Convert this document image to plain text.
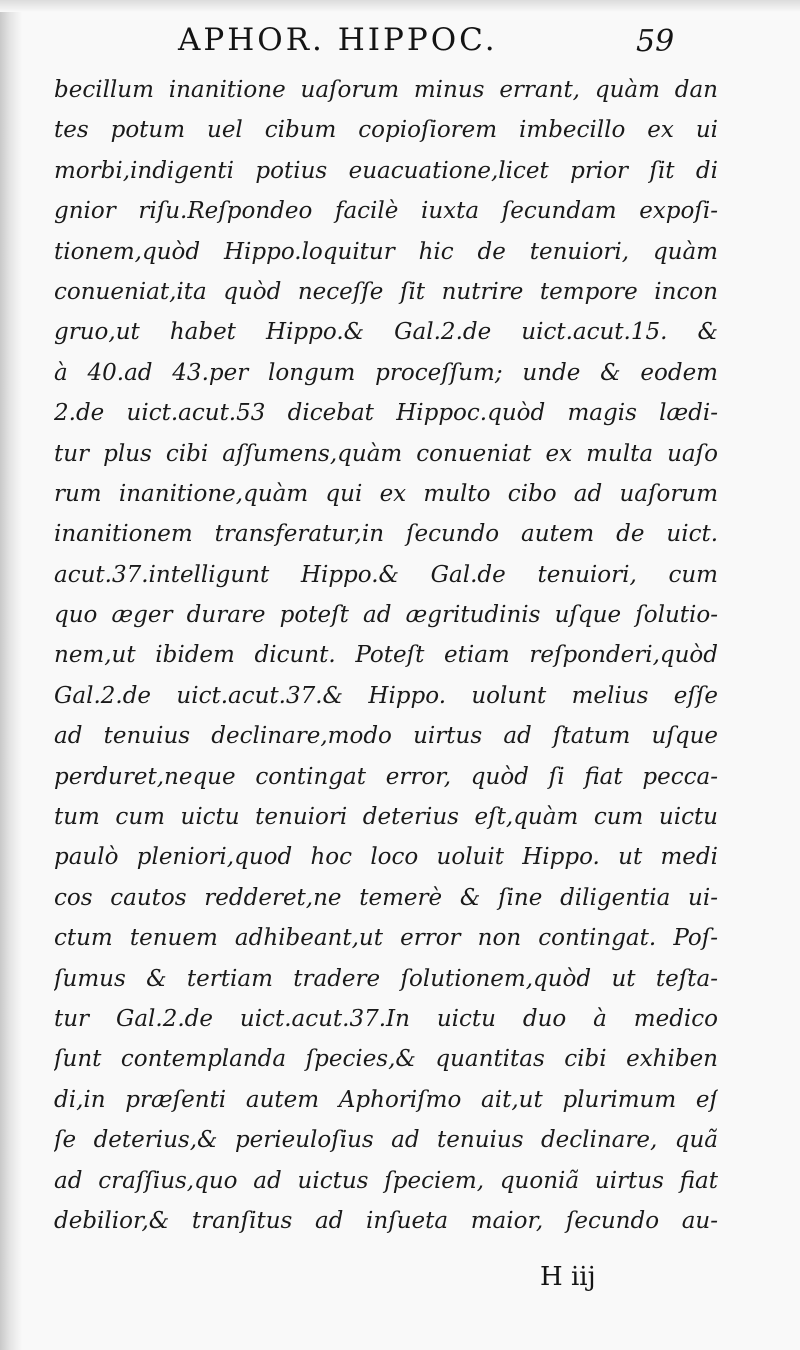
APHOR. HIPPOC.	59
becillum inanitione uaſorum minus errant, quàm dan
tes potum uel cibum copioſiorem imbecillo ex ui
morbi,indigenti potius euacuatione,licet prior ſit di
gnior riſu.Reſpondeo facilè iuxta ſecundam expoſi-
tionem,quòd Hippo.loquitur hic de tenuiori, quàm
conueniat,ita quòd neceſſe ſit nutrire tempore incon
gruo,ut habet Hippo.& Gal.2.de uict.acut.15. &
à 40.ad 43.per longum proceſſum; unde & eodem
2.de uict.acut.53 dicebat Hippoc.quòd magis lædi-
tur plus cibi aſſumens,quàm conueniat ex multa uaſo
rum inanitione,quàm qui ex multo cibo ad uaſorum
inanitionem transferatur,in ſecundo autem de uict.
acut.37.intelligunt Hippo.& Gal.de tenuiori, cum
quo æger durare poteſt ad ægritudinis uſque ſolutio-
nem,ut ibidem dicunt. Poteſt etiam reſponderi,quòd
Gal.2.de uict.acut.37.& Hippo. uolunt melius eſſe
ad tenuius declinare,modo uirtus ad ſtatum uſque
perduret,neque contingat error, quòd ſi fiat pecca-
tum cum uictu tenuiori deterius eſt,quàm cum uictu
paulò pleniori,quod hoc loco uoluit Hippo. ut medi
cos cautos redderet,ne temerè & ſine diligentia ui-
ctum tenuem adhibeant,ut error non contingat. Poſ-
ſumus & tertiam tradere ſolutionem,quòd ut teſta-
tur Gal.2.de uict.acut.37.In uictu duo à medico
ſunt contemplanda ſpecies,& quantitas cibi exhiben
di,in præſenti autem Aphoriſmo ait,ut plurimum eſ
ſe deterius,& perieuloſius ad tenuius declinare, quã
ad craſſius,quo ad uictus ſpeciem, quoniã uirtus fiat
debilior,& tranſitus ad inſueta maior, ſecundo au-
H iij
